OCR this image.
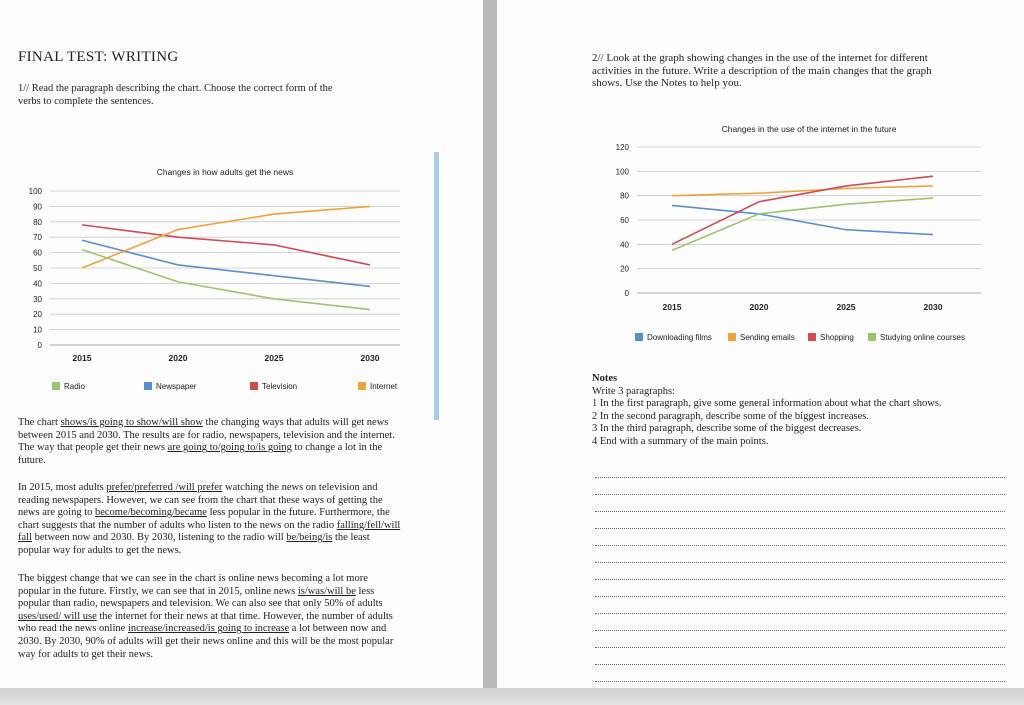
FINAL TEST: WRITING
1// Read the paragraph describing the chart. Choose the correct form of the
verbs to complete the sentences.
Changes in how adults get the news
0
10
20
30
40
50
60
70
80
90
100
2015	2020	2025	2030
Radio	Newspaper	Television	Internet
The chart shows/is going to show/will show the changing ways that adults will get news
between 2015 and 2030. The results are for radio, newspapers, television and the internet.
The way that people get their news are going to/going to/is going to change a lot in the
future.
In 2015, most adults prefer/preferred /will prefer watching the news on television and
reading newspapers. However, we can see from the chart that these ways of getting the
news are going to become/becoming/became less popular in the future. Furthermore, the
chart suggests that the number of adults who listen to the news on the radio falling/fell/will
fall between now and 2030. By 2030, listening to the radio will be/being/is the least
popular way for adults to get the news.
The biggest change that we can see in the chart is online news becoming a lot more
popular in the future. Firstly, we can see that in 2015, online news is/was/will be less
popular than radio, newspapers and television. We can also see that only 50% of adults
uses/used/ will use the internet for their news at that time. However, the number of adults
who read the news online increase/increased/is going to increase a lot between now and
2030. By 2030, 90% of adults will get their news online and this will be the most popular
way for adults to get their news.
2// Look at the graph showing changes in the use of the internet for different
activities in the future. Write a description of the main changes that the graph
shows. Use the Notes to help you.
Changes in the use of the internet in the future
0
20
40
60
80
100
120
2015	2020	2025	2030
Downloading films	Sending emails	Shopping	Studying online courses
Notes
Write 3 paragraphs:
1 In the first paragraph, give some general information about what the chart shows.
2 In the second paragraph, describe some of the biggest increases.
3 In the third paragraph, describe some of the biggest decreases.
4 End with a summary of the main points.
